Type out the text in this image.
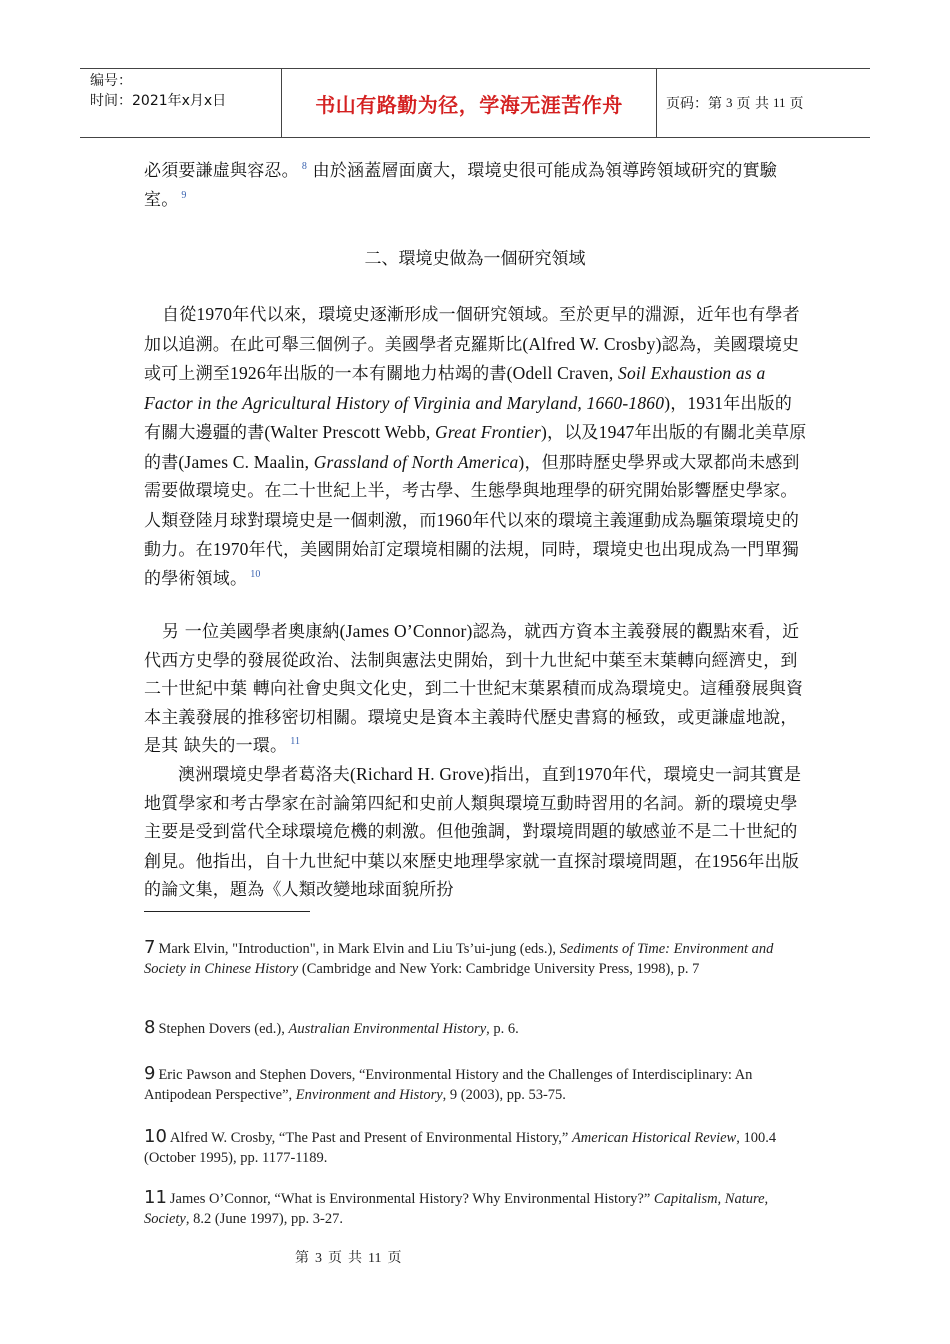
编号：
时间：2021年x月x日	书山有路勤为径，学海无涯苦作舟	页码：第 3 页 共 11 页
必須要謙虛與容忍。 $^8$ 由於涵蓋層面廣大，環境史很可能成為領導跨領域研究的實驗室。 $^9$
二、環境史做為一個研究領域
自從1970年代以來，環境史逐漸形成一個研究領域。至於更早的淵源，近年也有學者加以追溯。在此可舉三個例子。美國學者克羅斯比(Alfred W. Crosby)認為，美國環境史或可上溯至1926年出版的一本有關地力枯竭的書(Odell Craven, Soil Exhaustion as a Factor in the Agricultural History of Virginia and Maryland, 1660-1860)，1931年出版的有關大邊疆的書(Walter Prescott Webb, Great Frontier)，以及1947年出版的有關北美草原的書(James C. Maalin, Grassland of North America)，但那時歷史學界或大眾都尚未感到需要做環境史。在二十世紀上半，考古學、生態學與地理學的研究開始影響歷史學家。人類登陸月球對環境史是一個刺激，而1960年代以來的環境主義運動成為驅策環境史的動力。在1970年代，美國開始訂定環境相關的法規，同時，環境史也出現成為一門單獨的學術領域。 $^{10}$
另 一位美國學者奧康納(James O’Connor)認為，就西方資本主義發展的觀點來看，近代西方史學的發展從政治、法制與憲法史開始，到十九世紀中葉至末葉轉向經濟史，到二十世紀中葉 轉向社會史與文化史，到二十世紀末葉累積而成為環境史。這種發展與資本主義發展的推移密切相關。環境史是資本主義時代歷史書寫的極致，或更謙虛地說，是其 缺失的一環。 $^{11}$
澳洲環境史學者葛洛夫(Richard H. Grove)指出，直到1970年代，環境史一詞其實是地質學家和考古學家在討論第四紀和史前人類與環境互動時習用的名詞。新的環境史學主要是受到當代全球環境危機的刺激。但他強調，對環境問題的敏感並不是二十世紀的創見。他指出，自十九世紀中葉以來歷史地理學家就一直探討環境問題，在1956年出版的論文集，題為《人類改變地球面貌所扮
7 Mark Elvin, "Introduction", in Mark Elvin and Liu Ts’ui-jung (eds.), Sediments of Time: Environment and Society in Chinese History (Cambridge and New York: Cambridge University Press, 1998), p. 7
8 Stephen Dovers (ed.), Australian Environmental History, p. 6.
9 Eric Pawson and Stephen Dovers, “Environmental History and the Challenges of Interdisciplinary: An Antipodean Perspective”, Environment and History, 9 (2003), pp. 53-75.
10 Alfred W. Crosby, “The Past and Present of Environmental History,” American Historical Review, 100.4 (October 1995), pp. 1177-1189.
11 James O’Connor, “What is Environmental History? Why Environmental History?” Capitalism, Nature, Society, 8.2 (June 1997), pp. 3-27.
第 3 页 共 11 页
